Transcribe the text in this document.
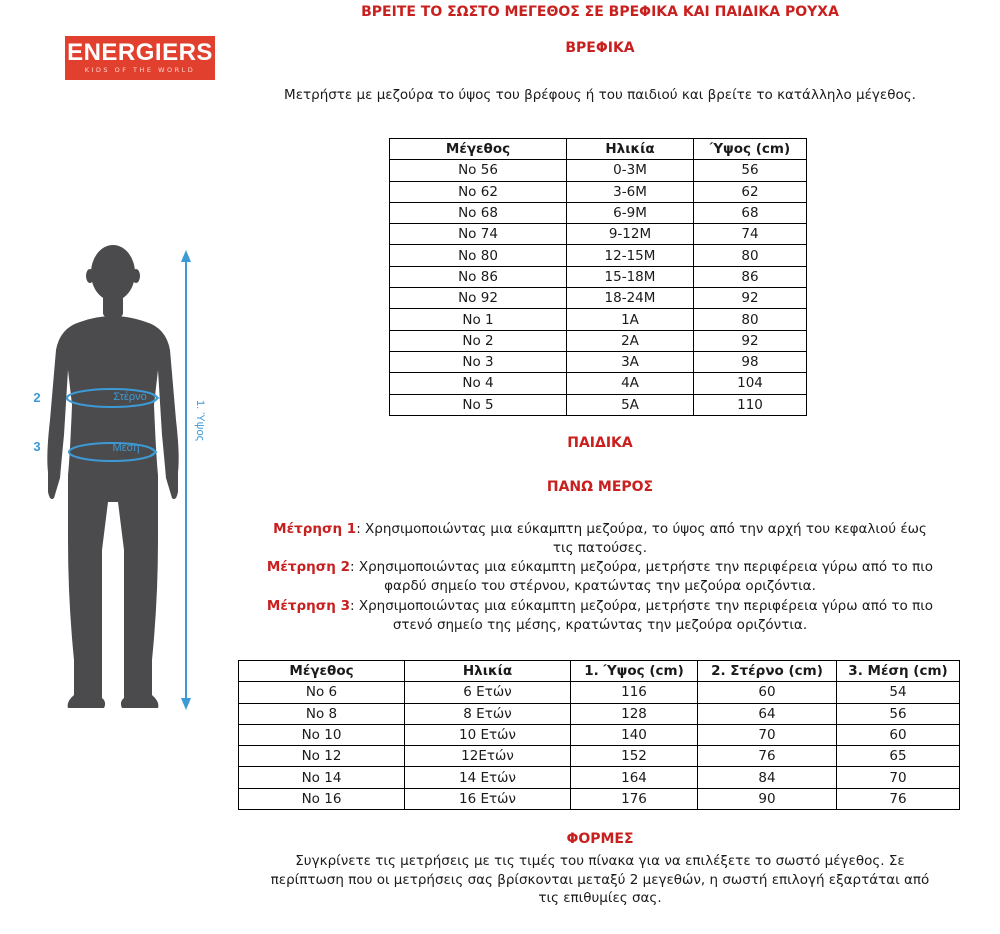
ΒΡΕΙΤΕ ΤΟ ΣΩΣΤΟ ΜΕΓΕΘΟΣ ΣΕ ΒΡΕΦΙΚΑ ΚΑΙ ΠΑΙΔΙΚΑ ΡΟΥΧΑ
ENERGIERS
KIDS OF THE WORLD
ΒΡΕΦΙΚΑ
Μετρήστε με μεζούρα το ύψος του βρέφους ή του παιδιού και βρείτε το κατάλληλο μέγεθος.
Μέγεθος	Ηλικία	Ύψος (cm)
Νο 56	0-3M	56
Νο 62	3-6M	62
Νο 68	6-9M	68
Νο 74	9-12M	74
Νο 80	12-15M	80
Νο 86	15-18M	86
Νο 92	18-24M	92
Νο 1	1A	80
Νο 2	2A	92
Νο 3	3A	98
Νο 4	4A	104
Νο 5	5A	110
ΠΑΙΔΙΚΑ
ΠΑΝΩ ΜΕΡΟΣ
Μέτρηση 1: Χρησιμοποιώντας μια εύκαμπτη μεζούρα, το ύψος από την αρχή του κεφαλιού έως
τις πατούσες.
Μέτρηση 2: Χρησιμοποιώντας μια εύκαμπτη μεζούρα, μετρήστε την περιφέρεια γύρω από το πιο
φαρδύ σημείο του στέρνου, κρατώντας την μεζούρα οριζόντια.
Μέτρηση 3: Χρησιμοποιώντας μια εύκαμπτη μεζούρα, μετρήστε την περιφέρεια γύρω από το πιο
στενό σημείο της μέσης, κρατώντας την μεζούρα οριζόντια.
Μέγεθος	Ηλικία	1. Ύψος (cm)	2. Στέρνο (cm)	3. Μέση (cm)
Νο 6	6 Ετών	116	60	54
Νο 8	8 Ετών	128	64	56
Νο 10	10 Ετών	140	70	60
Νο 12	12Ετών	152	76	65
Νο 14	14 Ετών	164	84	70
Νο 16	16 Ετών	176	90	76
ΦΟΡΜΕΣ
Συγκρίνετε τις μετρήσεις με τις τιμές του πίνακα για να επιλέξετε το σωστό μέγεθος. Σε
περίπτωση που οι μετρήσεις σας βρίσκονται μεταξύ 2 μεγεθών, η σωστή επιλογή εξαρτάται από
τις επιθυμίες σας.
Στέρνο
2
Μέση
3
1. Ύψος
